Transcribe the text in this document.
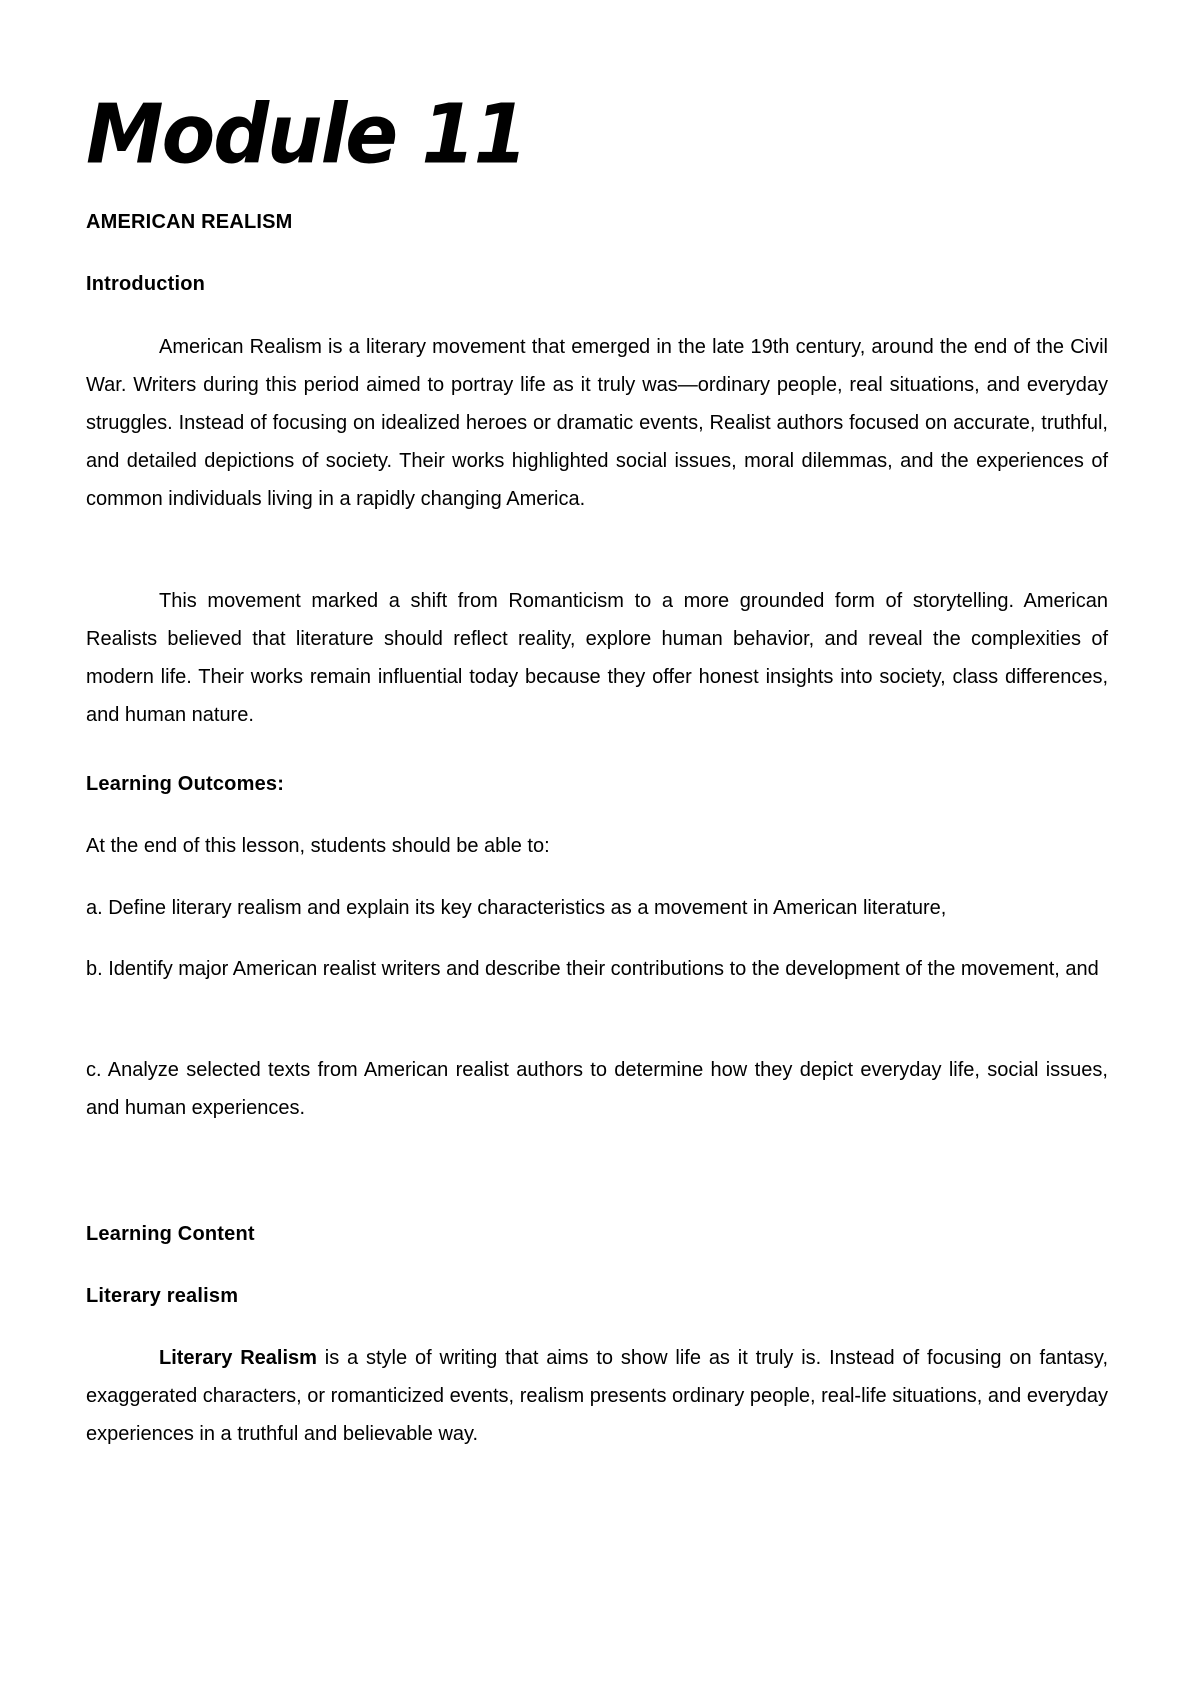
Module 11
AMERICAN REALISM
Introduction

American Realism is a literary movement that emerged in the late 19th century, around the end of the Civil War. Writers during this period aimed to portray life as it truly was—ordinary people, real situations, and everyday struggles. Instead of focusing on idealized heroes or dramatic events, Realist authors focused on accurate, truthful, and detailed depictions of society. Their works highlighted social issues, moral dilemmas, and the experiences of common individuals living in a rapidly changing America.

This movement marked a shift from Romanticism to a more grounded form of storytelling. American Realists believed that literature should reflect reality, explore human behavior, and reveal the complexities of modern life. Their works remain influential today because they offer honest insights into society, class differences, and human nature.

Learning Outcomes:

At the end of this lesson, students should be able to:

a. Define literary realism and explain its key characteristics as a movement in American literature,

b. Identify major American realist writers and describe their contributions to the development of the movement, and

c. Analyze selected texts from American realist authors to determine how they depict everyday life, social issues, and human experiences.

Learning Content
Literary realism

Literary Realism is a style of writing that aims to show life as it truly is. Instead of focusing on fantasy, exaggerated characters, or romanticized events, realism presents ordinary people, real-life situations, and everyday experiences in a truthful and believable way.
